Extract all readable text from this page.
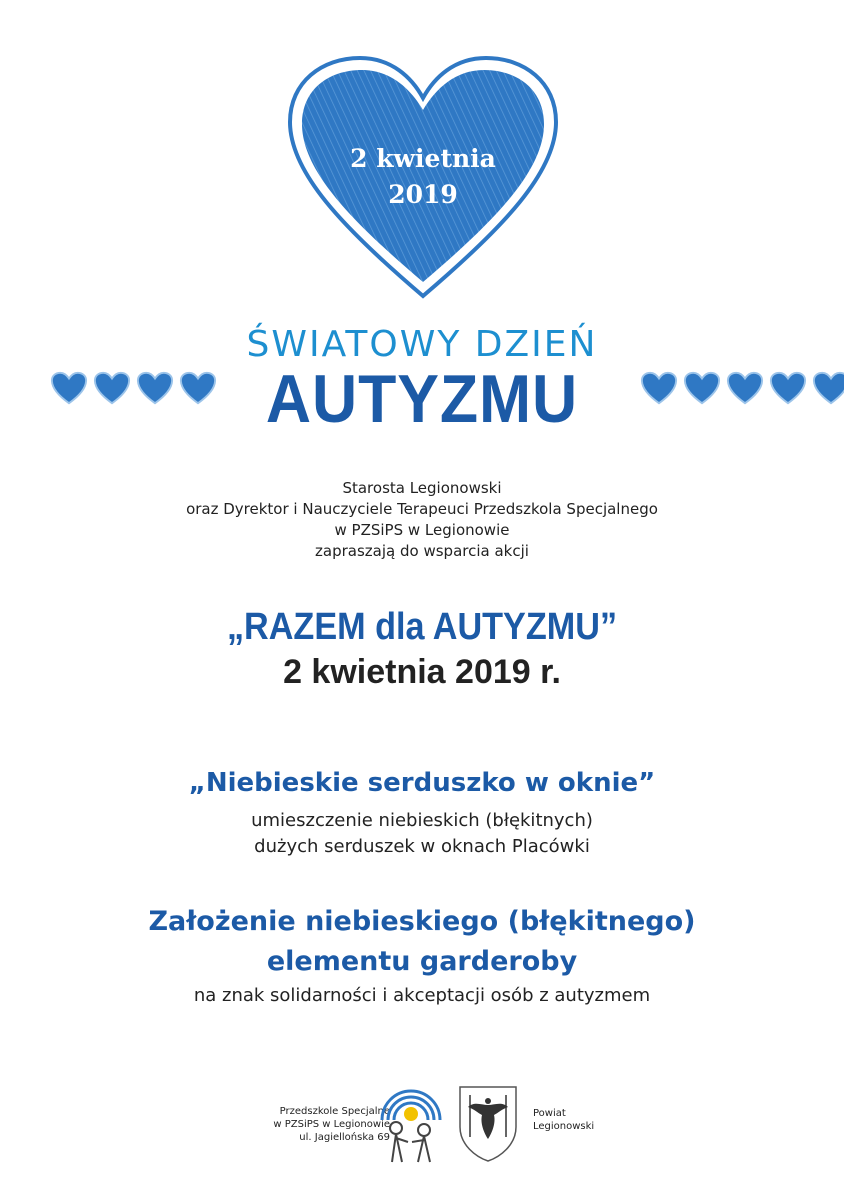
2 kwietnia
2019
ŚWIATOWY DZIEŃ
AUTYZMU
Starosta Legionowski
oraz Dyrektor i Nauczyciele Terapeuci Przedszkola Specjalnego
w PZSiPS w Legionowie
zapraszają do wsparcia akcji
„RAZEM dla AUTYZMU”
2 kwietnia 2019 r.
„Niebieskie serduszko w oknie”
umieszczenie niebieskich (błękitnych)
dużych serduszek w oknach Placówki
Założenie niebieskiego (błękitnego)
elementu garderoby
na znak solidarności i akceptacji osób z autyzmem
Przedszkole Specjalne
w PZSiPS w Legionowie
ul. Jagiellońska 69
Powiat
Legionowski
